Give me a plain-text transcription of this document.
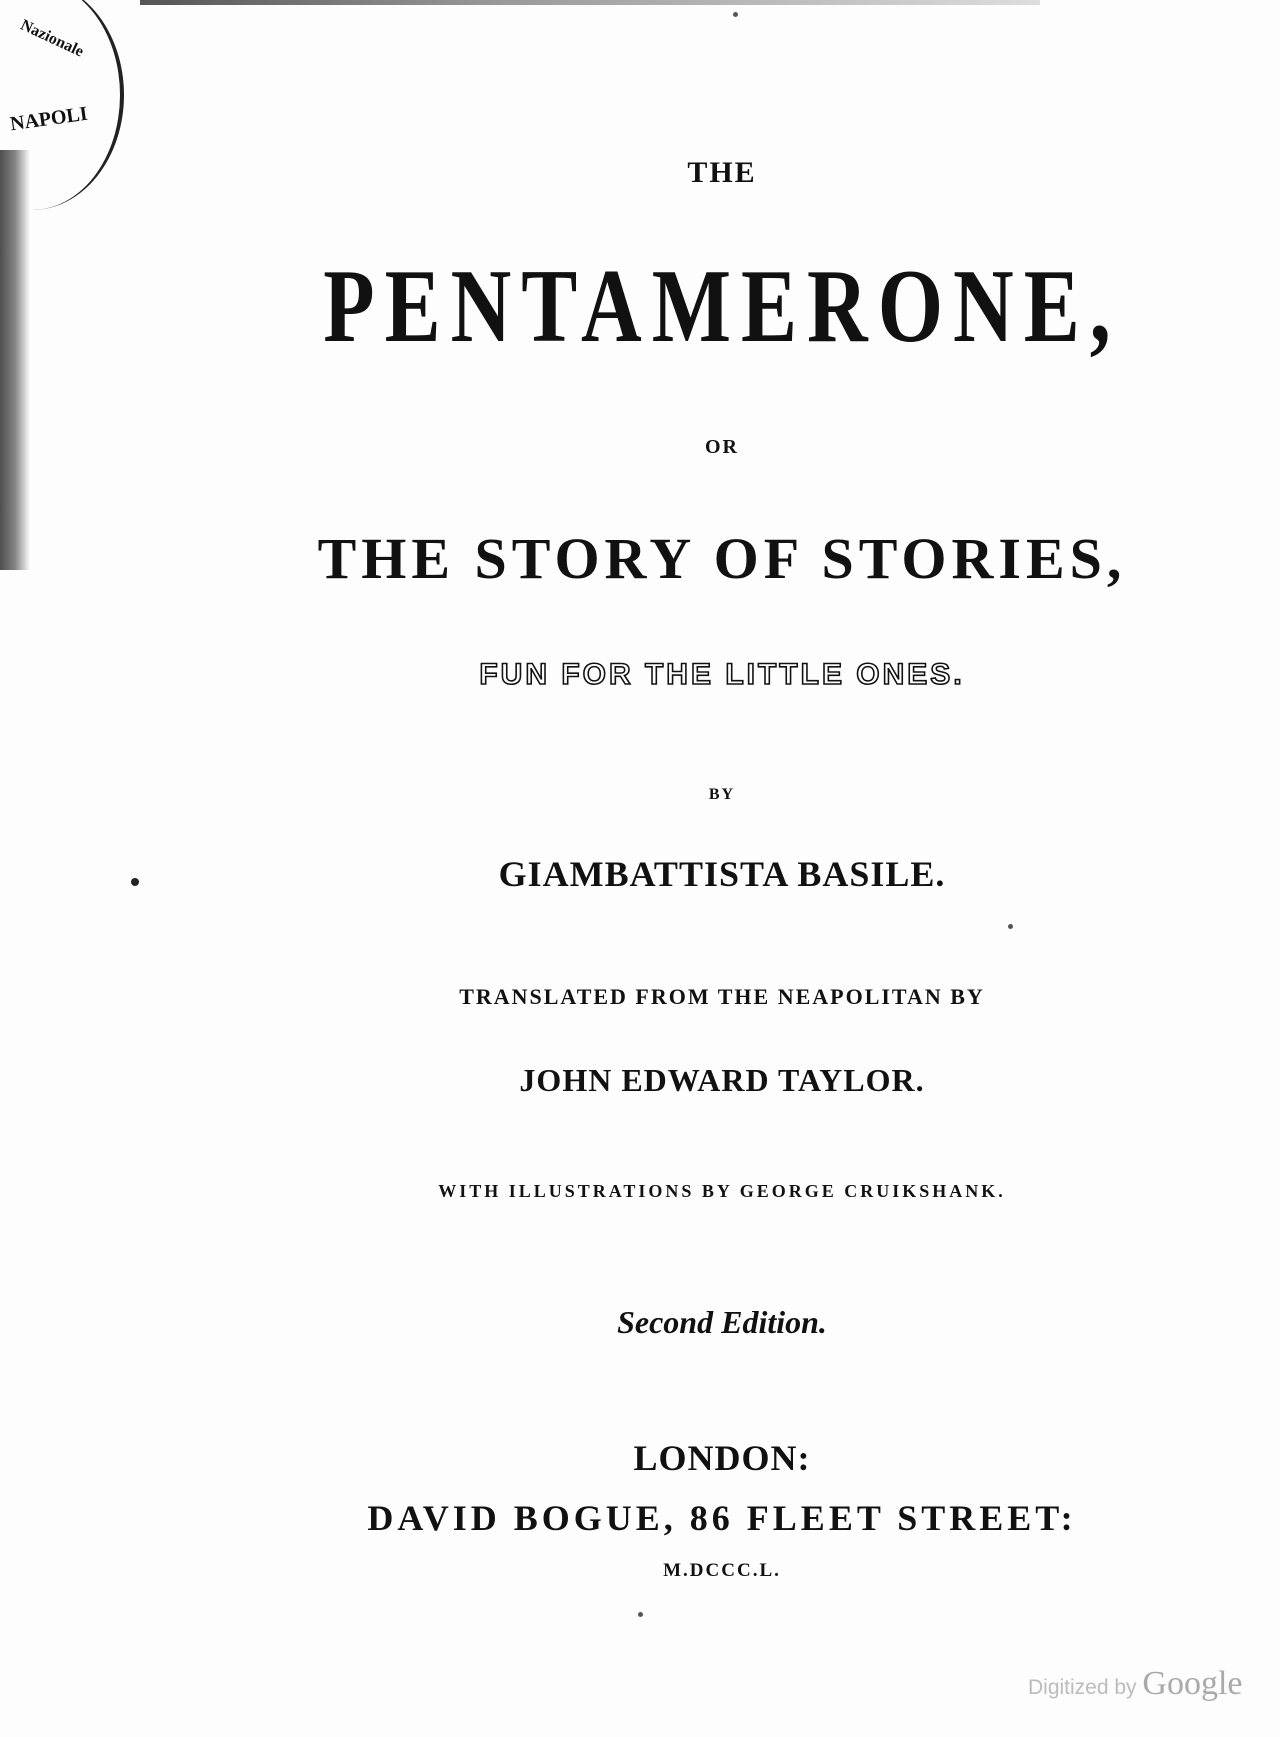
Nazionale
NAPOLI
THE
PENTAMERONE,
OR
THE STORY OF STORIES,
FUN FOR THE LITTLE ONES.
BY
GIAMBATTISTA BASILE.
TRANSLATED FROM THE NEAPOLITAN BY
JOHN EDWARD TAYLOR.
WITH ILLUSTRATIONS BY GEORGE CRUIKSHANK.
Second Edition.
LONDON:
DAVID BOGUE, 86 FLEET STREET:
M.DCCC.L.
Digitized by Google
